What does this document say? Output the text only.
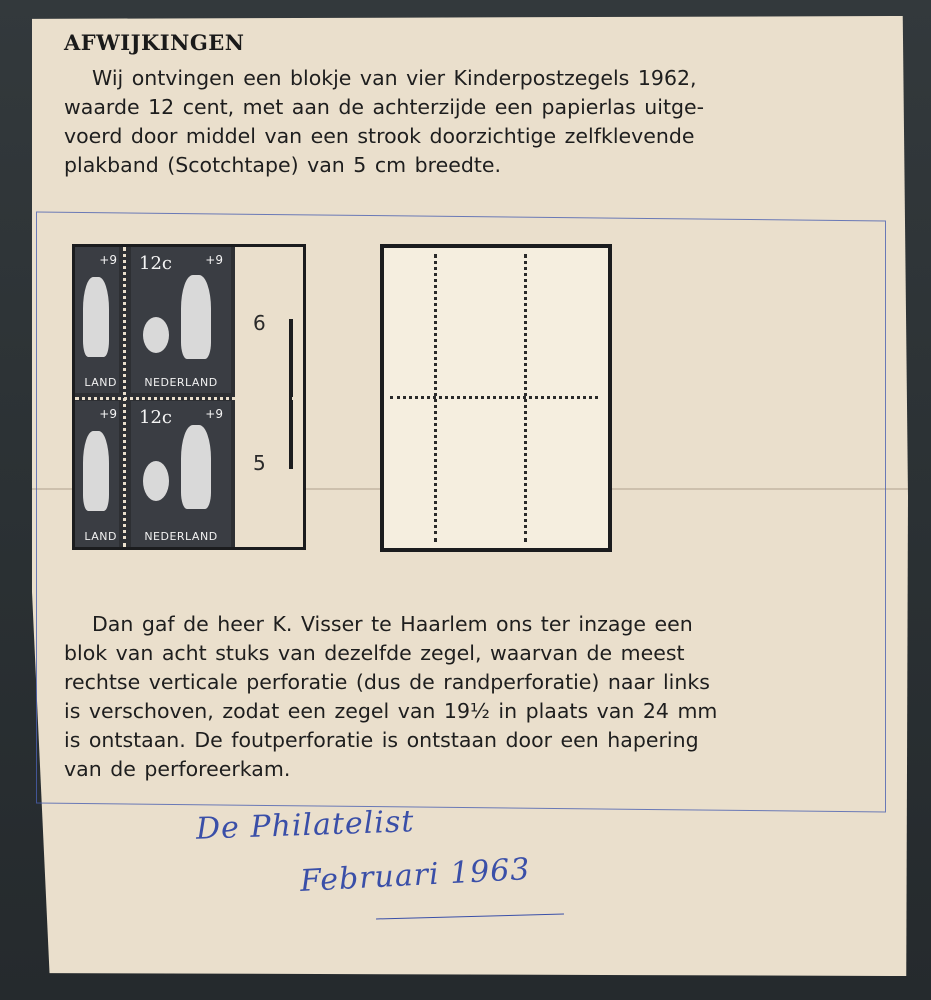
AFWIJKINGEN

Wij ontvingen een blokje van vier Kinderpostzegels 1962,
waarde 12 cent, met aan de achterzijde een papierlas uitge-
voerd door middel van een strook doorzichtige zelfklevende
plakband (Scotchtape) van 5 cm breedte.

+9
LAND
12c	+9
NEDERLAND
+9
LAND
12c	+9
NEDERLAND
6
5

Dan gaf de heer K. Visser te Haarlem ons ter inzage een
blok van acht stuks van dezelfde zegel, waarvan de meest
rechtse verticale perforatie (dus de randperforatie) naar links
is verschoven, zodat een zegel van 19½ in plaats van 24 mm
is ontstaan. De foutperforatie is ontstaan door een hapering
van de perforeerkam.

De Philatelist

Februari 1963
